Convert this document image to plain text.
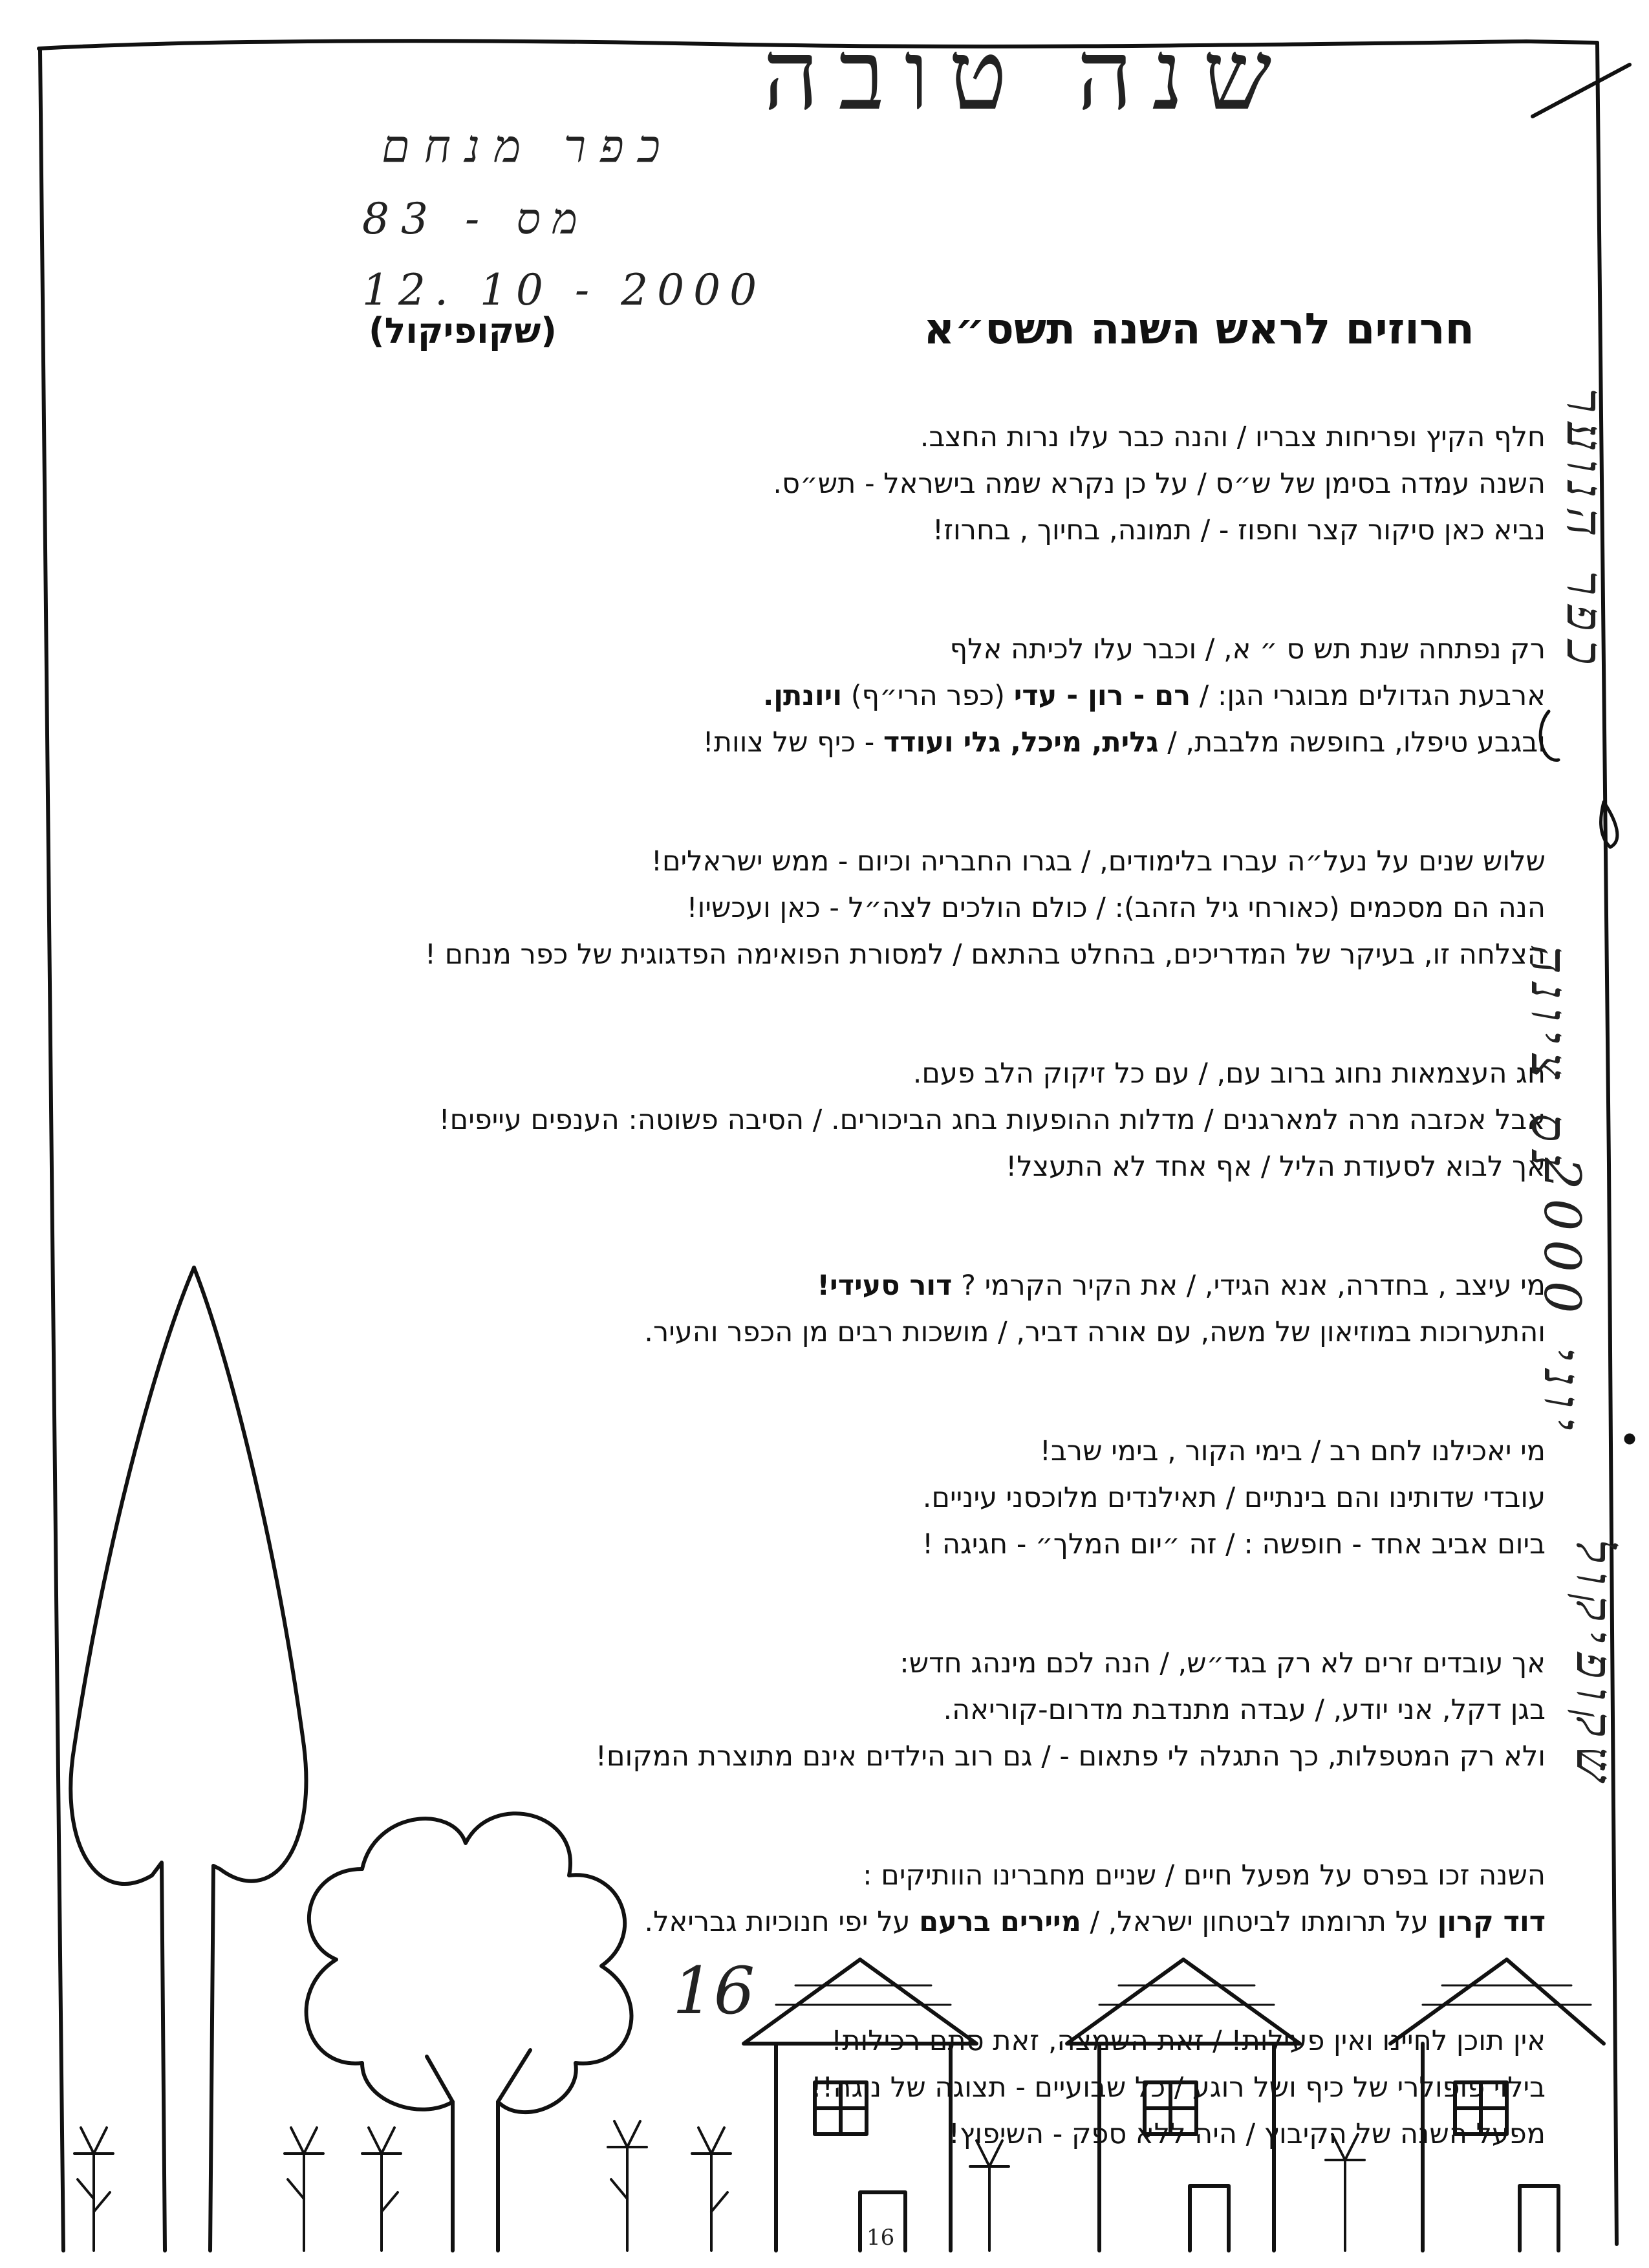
שנה טובה
כפר מנחם
83 - מס
12. 10 - 2000
חרוזים לראש השנה תשס״א
(שקופיקול)
חלף הקיץ ופריחות צבריו / והנה כבר עלו נרות החצב.
השנה עמדה בסימן של ש״ס / על כן נקרא שמה בישראל - תש״ס.
נביא כאן סיקור קצר וחפוז - / תמונה, בחיוך , בחרוז!
רק נפתחה שנת תש ס ״ א, / וכבר עלו לכיתה אלף
ארבעת הגדולים מבוגרי הגן: / רם - רון - עדי (כפר הרי״ף) ויונתן.
ובגבע טיפלו, בחופשה מלבבת, / גלית, מיכל, גלי ועודד - כיף של צוות!
שלוש שנים על נעל״ה עברו בלימודים, / בגרו החבריה וכיום - ממש ישראלים!
הנה הם מסכמים (כאורחי גיל הזהב): / כולם הולכים לצה״ל - כאן ועכשיו!
הצלחה זו, בעיקר של המדריכים, בהחלט בהתאם / למסורת הפואימה הפדגוגית של כפר מנחם !
חג העצמאות נחוג ברוב עם, / עם כל זיקוק הלב פעם.
אבל אכזבה מרה למארגנים / מדלות ההופעות בחג הביכורים. / הסיבה פשוטה: הענפים עייפים!
אך לבוא לסעודת הליל / אף אחד לא התעצל!
מי עיצב , בחדרה, אנא הגידי, / את הקיר הקרמי ? דור סעידי!
והתערוכות במוזיאון של משה, עם אורה דביר, / מושכות רבים מן הכפר והעיר.
מי יאכילנו לחם רב / בימי הקור , בימי שרב!
עובדי שדותינו והם בינתיים / תאילנדים מלוכסני עיניים.
ביום אביב אחד - חופשה : / זה ״יום המלך״ - חגיגה !
אך עובדים זרים לא רק בגד״ש, / הנה לכם מינהג חדש:
בגן דקל, אני יודע, / עבדה מתנדבת מדרום-קוריאה.
ולא רק המטפלות, כך התגלה לי פתאום - / גם רוב הילדים אינם מתוצרת המקום!
השנה זכו בפרס על מפעל חיים / שניים מחברינו הוותיקים :
דוד קרון על תרומתו לביטחון ישראל, / מיירים ברעם על יפי חנוכיות גבריאל.
אין תוכן לחיינו ואין פעילות! / זאת השמצה, זאת סתם רכילות!
בילוי פופולרי של כיף ושל רוגע / כל שבועיים - תצוגה של נוגה!!
מפעל השנה של הקיבוץ / היה ללא ספק - השיפוץ!
כפר הנוער
נס ציונה
יוני 2000
שקופיקול
16
16
